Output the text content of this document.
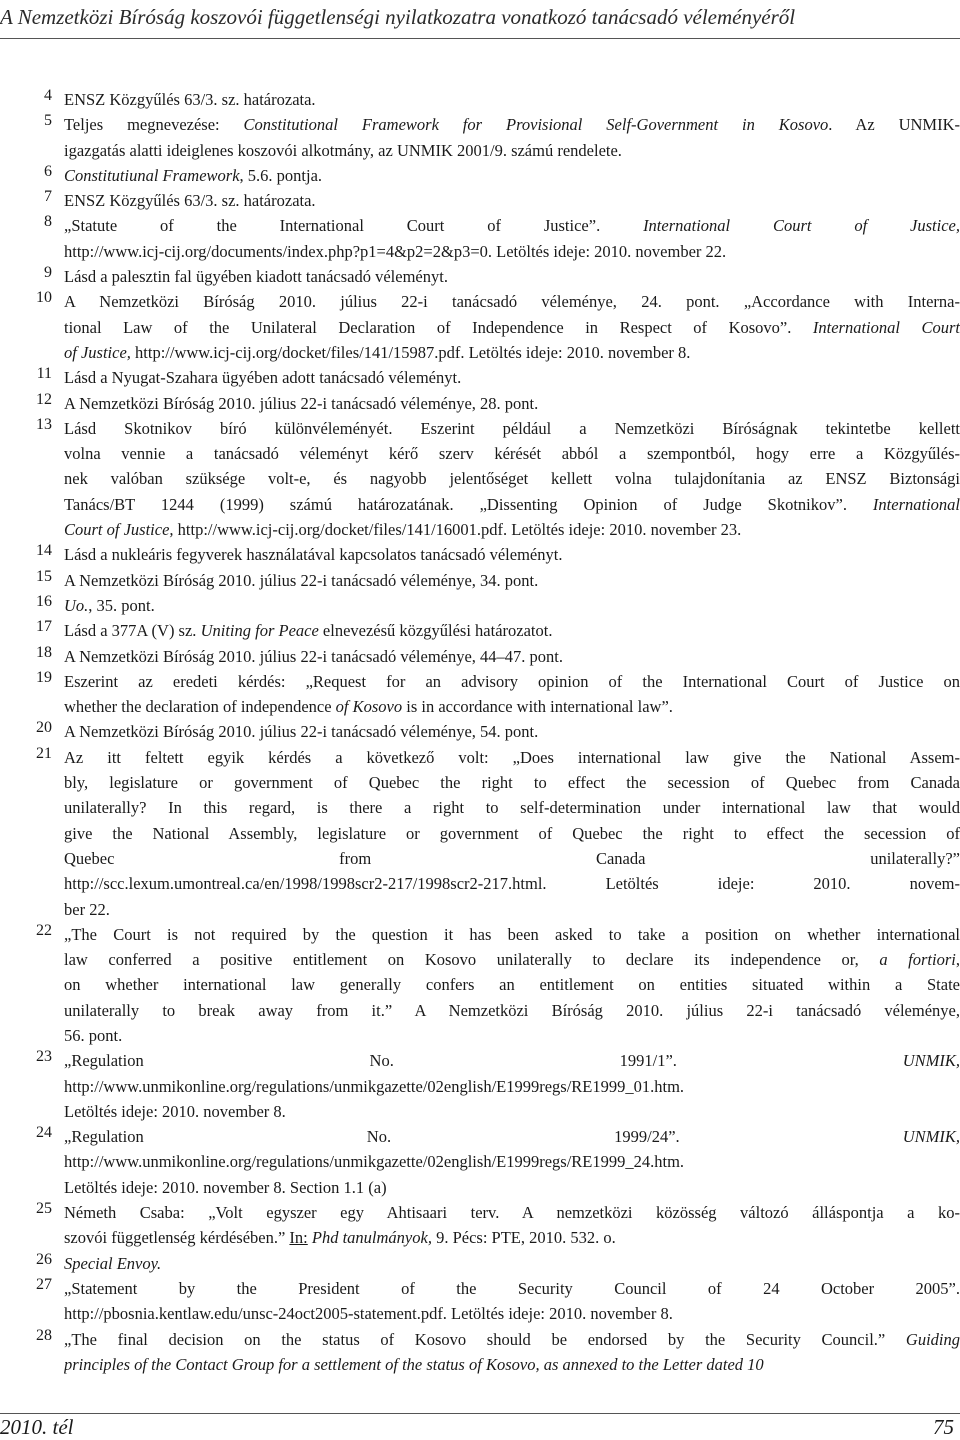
A Nemzetközi Bíróság koszovói függetlenségi nyilatkozatra vonatkozó tanácsadó véleményéről
4 ENSZ Közgyűlés 63/3. sz. határozata.
5 Teljes megnevezése: Constitutional Framework for Provisional Self-Government in Kosovo. Az UNMIK-
igazgatás alatti ideiglenes koszovói alkotmány, az UNMIK 2001/9. számú rendelete.
6 Constitutiunal Framework, 5.6. pontja.
7 ENSZ Közgyűlés 63/3. sz. határozata.
8 „Statute of the International Court of Justice”. International Court of Justice,
http://www.icj-cij.org/documents/index.php?p1=4&p2=2&p3=0. Letöltés ideje: 2010. november 22.
9 Lásd a palesztin fal ügyében kiadott tanácsadó véleményt.
10 A Nemzetközi Bíróság 2010. július 22-i tanácsadó véleménye, 24. pont. „Accordance with Interna-
tional Law of the Unilateral Declaration of Independence in Respect of Kosovo”. International Court
of Justice, http://www.icj-cij.org/docket/files/141/15987.pdf. Letöltés ideje: 2010. november 8.
11 Lásd a Nyugat-Szahara ügyében adott tanácsadó véleményt.
12 A Nemzetközi Bíróság 2010. július 22-i tanácsadó véleménye, 28. pont.
13 Lásd Skotnikov bíró különvéleményét. Eszerint például a Nemzetközi Bíróságnak tekintetbe kellett
volna vennie a tanácsadó véleményt kérő szerv kérését abból a szempontból, hogy erre a Közgyűlés-
nek valóban szüksége volt-e, és nagyobb jelentőséget kellett volna tulajdonítania az ENSZ Biztonsági
Tanács/BT 1244 (1999) számú határozatának. „Dissenting Opinion of Judge Skotnikov”. International
Court of Justice, http://www.icj-cij.org/docket/files/141/16001.pdf. Letöltés ideje: 2010. november 23.
14 Lásd a nukleáris fegyverek használatával kapcsolatos tanácsadó véleményt.
15 A Nemzetközi Bíróság 2010. július 22-i tanácsadó véleménye, 34. pont.
16 Uo., 35. pont.
17 Lásd a 377A (V) sz. Uniting for Peace elnevezésű közgyűlési határozatot.
18 A Nemzetközi Bíróság 2010. július 22-i tanácsadó véleménye, 44–47. pont.
19 Eszerint az eredeti kérdés: „Request for an advisory opinion of the International Court of Justice on
whether the declaration of independence of Kosovo is in accordance with international law”.
20 A Nemzetközi Bíróság 2010. július 22-i tanácsadó véleménye, 54. pont.
21 Az itt feltett egyik kérdés a következő volt: „Does international law give the National Assem-
bly, legislature or government of Quebec the right to effect the secession of Quebec from Canada
unilaterally? In this regard, is there a right to self-determination under international law that would
give the National Assembly, legislature or government of Quebec the right to effect the secession of
Quebec from Canada unilaterally?”
http://scc.lexum.umontreal.ca/en/1998/1998scr2-217/1998scr2-217.html. Letöltés ideje: 2010. novem-
ber 22.
22 „The Court is not required by the question it has been asked to take a position on whether international
law conferred a positive entitlement on Kosovo unilaterally to declare its independence or, a fortiori,
on whether international law generally confers an entitlement on entities situated within a State
unilaterally to break away from it.” A Nemzetközi Bíróság 2010. július 22-i tanácsadó véleménye,
56. pont.
23 „Regulation No. 1991/1”. UNMIK,
http://www.unmikonline.org/regulations/unmikgazette/02english/E1999regs/RE1999_01.htm.
Letöltés ideje: 2010. november 8.
24 „Regulation No. 1999/24”. UNMIK,
http://www.unmikonline.org/regulations/unmikgazette/02english/E1999regs/RE1999_24.htm.
Letöltés ideje: 2010. november 8. Section 1.1 (a)
25 Németh Csaba: „Volt egyszer egy Ahtisaari terv. A nemzetközi közösség változó álláspontja a ko-
szovói függetlenség kérdésében.” In: Phd tanulmányok, 9. Pécs: PTE, 2010. 532. o.
26 Special Envoy.
27 „Statement by the President of the Security Council of 24 October 2005”.
http://pbosnia.kentlaw.edu/unsc-24oct2005-statement.pdf. Letöltés ideje: 2010. november 8.
28 „The final decision on the status of Kosovo should be endorsed by the Security Council.” Guiding
principles of the Contact Group for a settlement of the status of Kosovo, as annexed to the Letter dated 10
2010. tél	75
